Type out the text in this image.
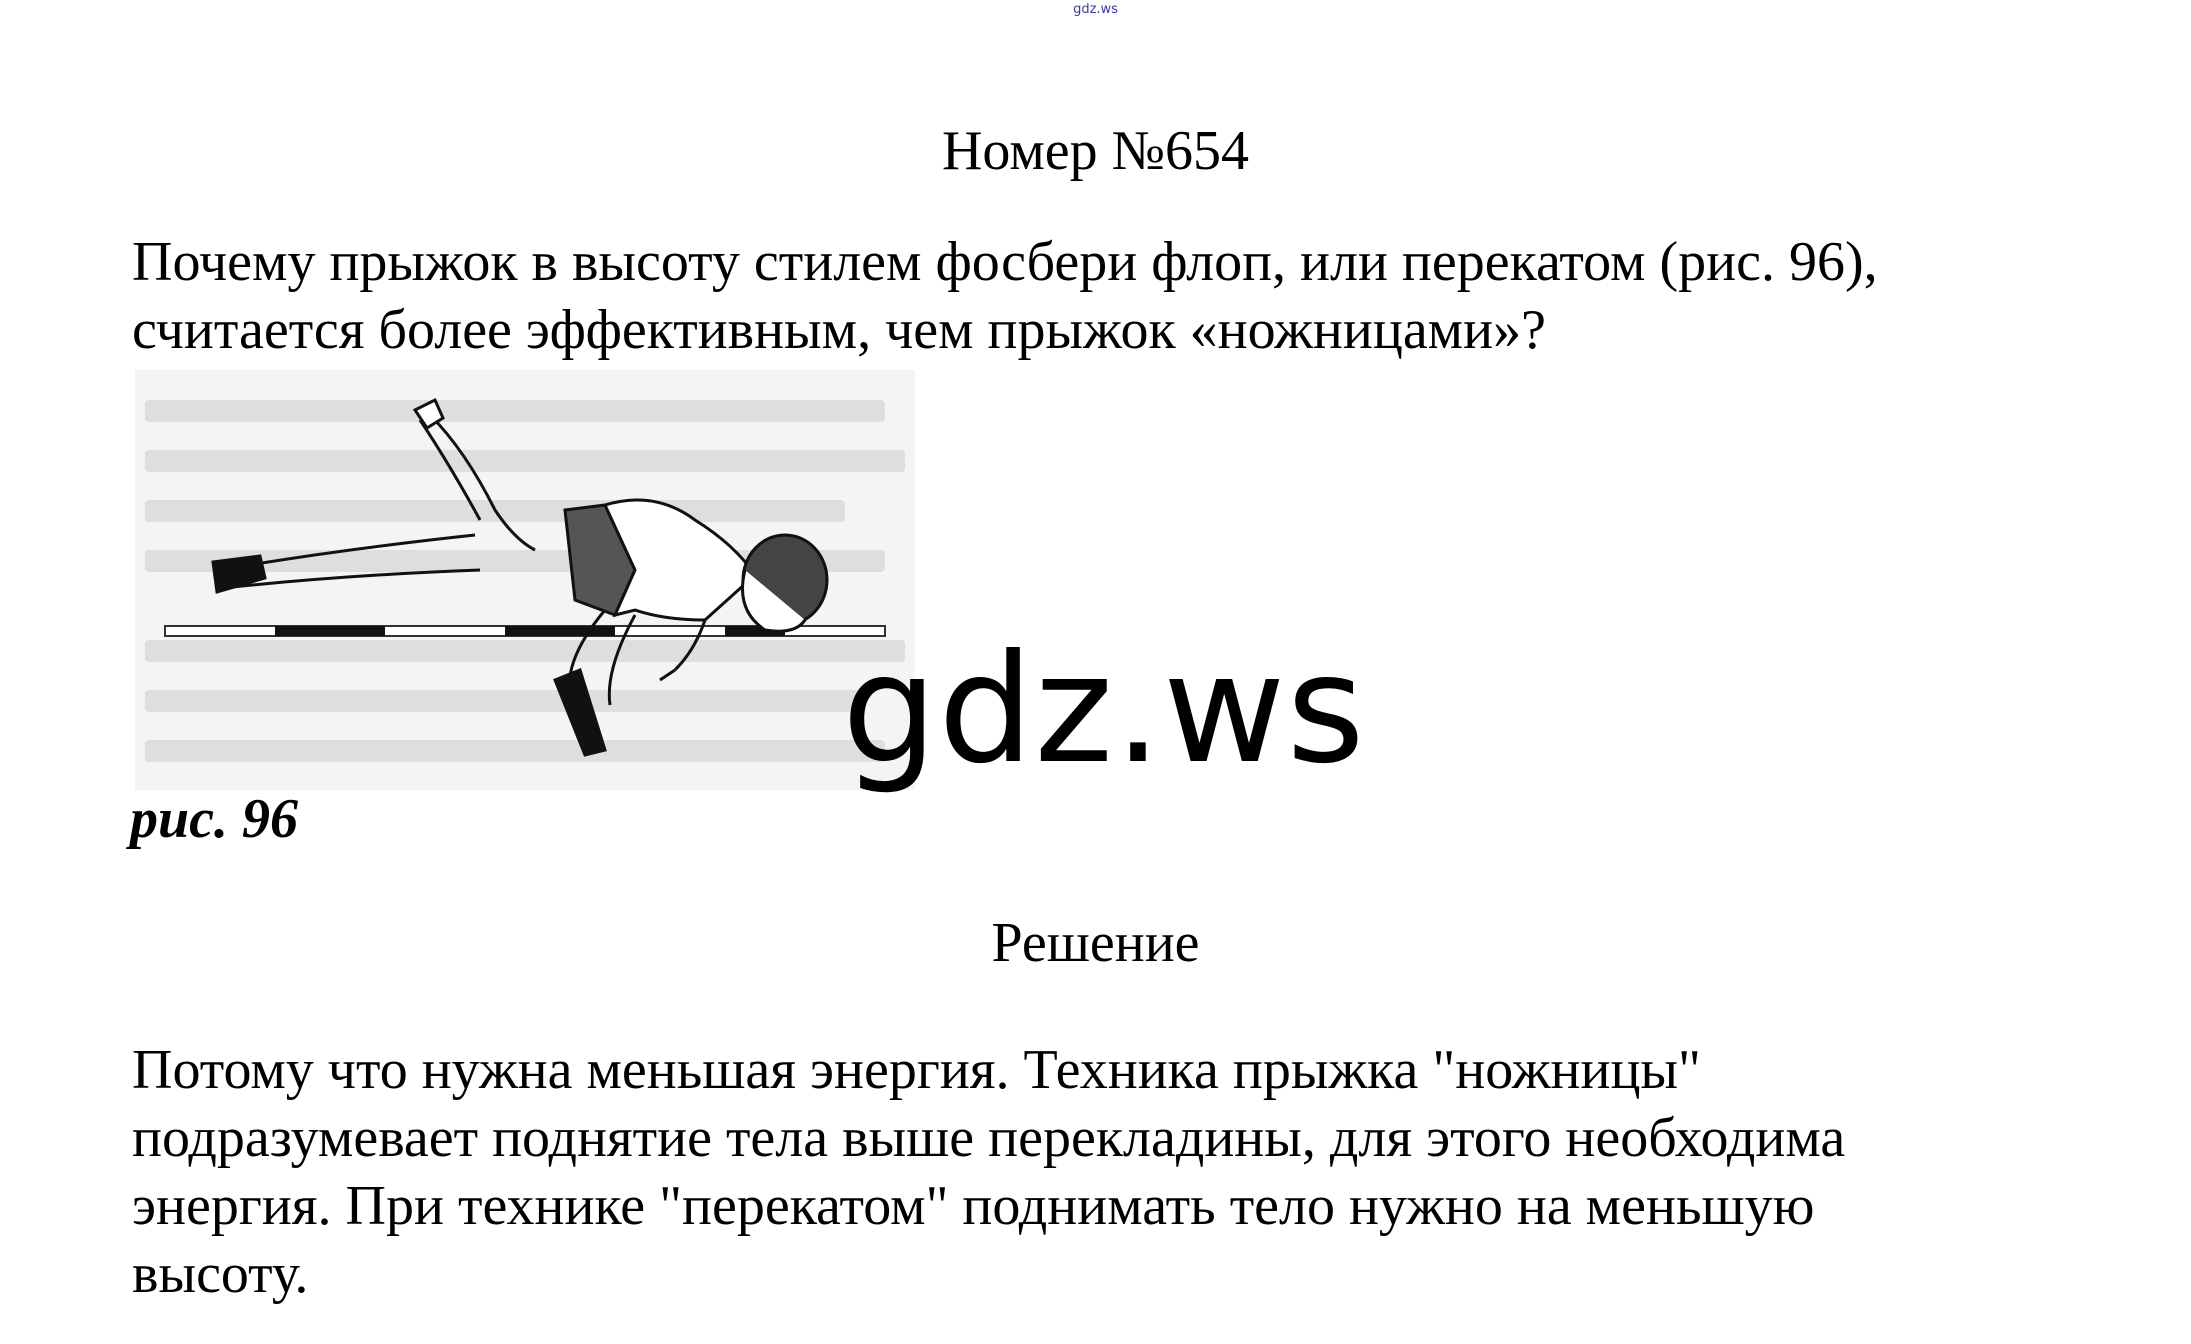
gdz.ws
Номер №654
Почему прыжок в высоту стилем фосбери флоп, или перекатом (рис. 96),
считается более эффективным, чем прыжок «ножницами»?
рис. 96
gdz.ws
Решение
Потому что нужна меньшая энергия. Техника прыжка "ножницы"
подразумевает поднятие тела выше перекладины, для этого необходима
энергия. При технике "перекатом" поднимать тело нужно на меньшую
высоту.
